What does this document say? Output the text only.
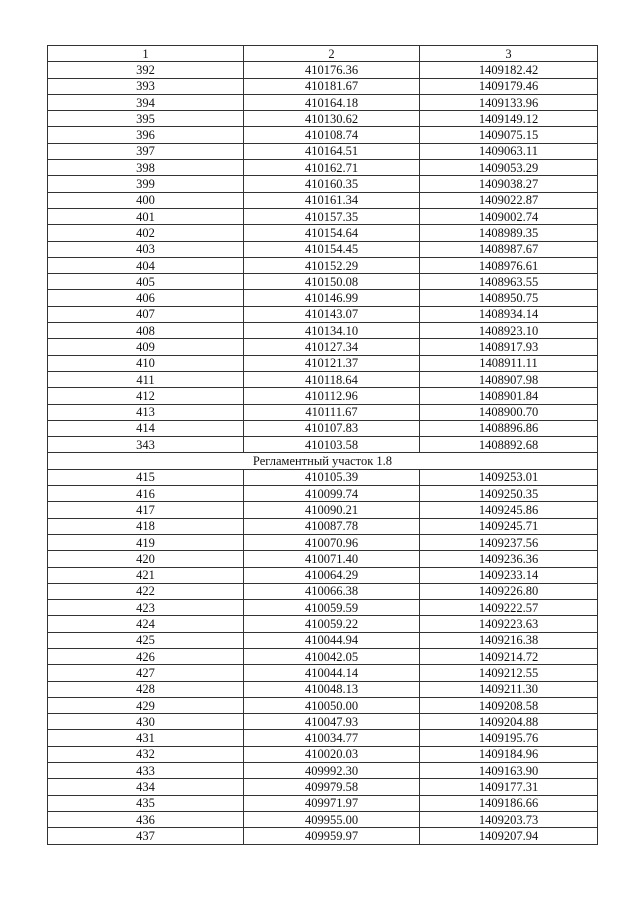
1	2	3
392	410176.36	1409182.42
393	410181.67	1409179.46
394	410164.18	1409133.96
395	410130.62	1409149.12
396	410108.74	1409075.15
397	410164.51	1409063.11
398	410162.71	1409053.29
399	410160.35	1409038.27
400	410161.34	1409022.87
401	410157.35	1409002.74
402	410154.64	1408989.35
403	410154.45	1408987.67
404	410152.29	1408976.61
405	410150.08	1408963.55
406	410146.99	1408950.75
407	410143.07	1408934.14
408	410134.10	1408923.10
409	410127.34	1408917.93
410	410121.37	1408911.11
411	410118.64	1408907.98
412	410112.96	1408901.84
413	410111.67	1408900.70
414	410107.83	1408896.86
343	410103.58	1408892.68
Регламентный участок 1.8		
415	410105.39	1409253.01
416	410099.74	1409250.35
417	410090.21	1409245.86
418	410087.78	1409245.71
419	410070.96	1409237.56
420	410071.40	1409236.36
421	410064.29	1409233.14
422	410066.38	1409226.80
423	410059.59	1409222.57
424	410059.22	1409223.63
425	410044.94	1409216.38
426	410042.05	1409214.72
427	410044.14	1409212.55
428	410048.13	1409211.30
429	410050.00	1409208.58
430	410047.93	1409204.88
431	410034.77	1409195.76
432	410020.03	1409184.96
433	409992.30	1409163.90
434	409979.58	1409177.31
435	409971.97	1409186.66
436	409955.00	1409203.73
437	409959.97	1409207.94
